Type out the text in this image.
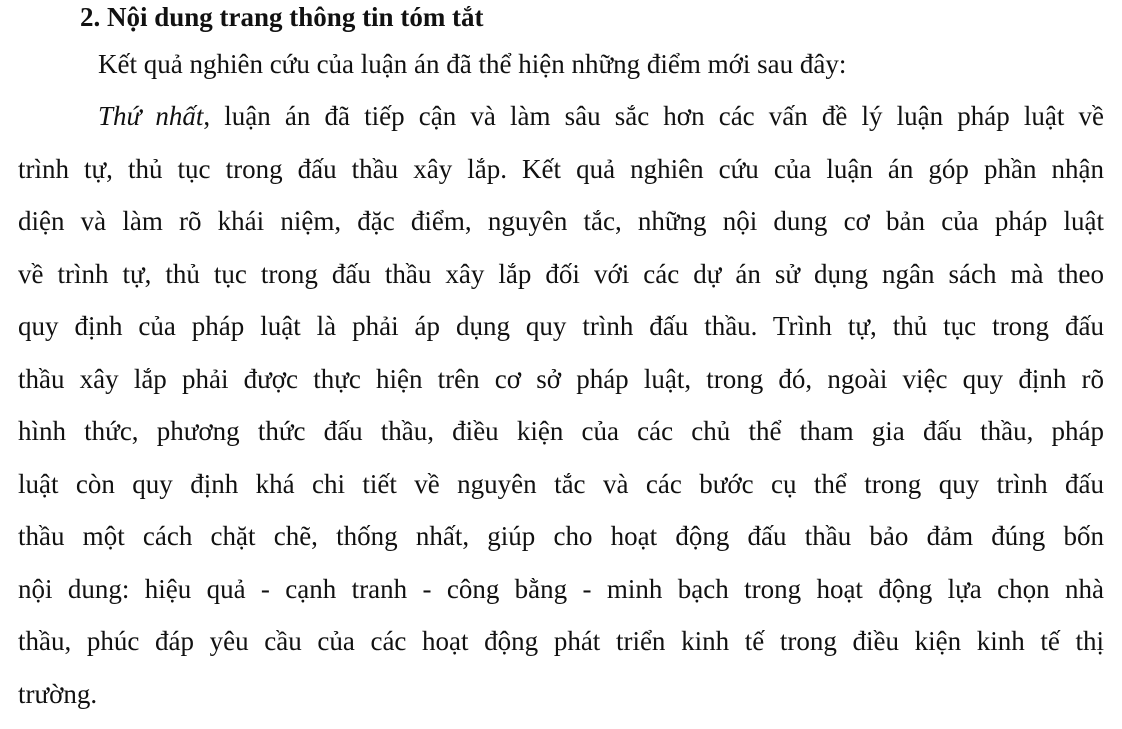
2. Nội dung trang thông tin tóm tắt
Kết quả nghiên cứu của luận án đã thể hiện những điểm mới sau đây:
Thứ nhất, luận án đã tiếp cận và làm sâu sắc hơn các vấn đề lý luận pháp luật về
trình tự, thủ tục trong đấu thầu xây lắp. Kết quả nghiên cứu của luận án góp phần nhận
diện và làm rõ khái niệm, đặc điểm, nguyên tắc, những nội dung cơ bản của pháp luật
về trình tự, thủ tục trong đấu thầu xây lắp đối với các dự án sử dụng ngân sách mà theo
quy định của pháp luật là phải áp dụng quy trình đấu thầu. Trình tự, thủ tục trong đấu
thầu xây lắp phải được thực hiện trên cơ sở pháp luật, trong đó, ngoài việc quy định rõ
hình thức, phương thức đấu thầu, điều kiện của các chủ thể tham gia đấu thầu, pháp
luật còn quy định khá chi tiết về nguyên tắc và các bước cụ thể trong quy trình đấu
thầu một cách chặt chẽ, thống nhất, giúp cho hoạt động đấu thầu bảo đảm đúng bốn
nội dung: hiệu quả - cạnh tranh - công bằng - minh bạch trong hoạt động lựa chọn nhà
thầu, phúc đáp yêu cầu của các hoạt động phát triển kinh tế trong điều kiện kinh tế thị
trường.
